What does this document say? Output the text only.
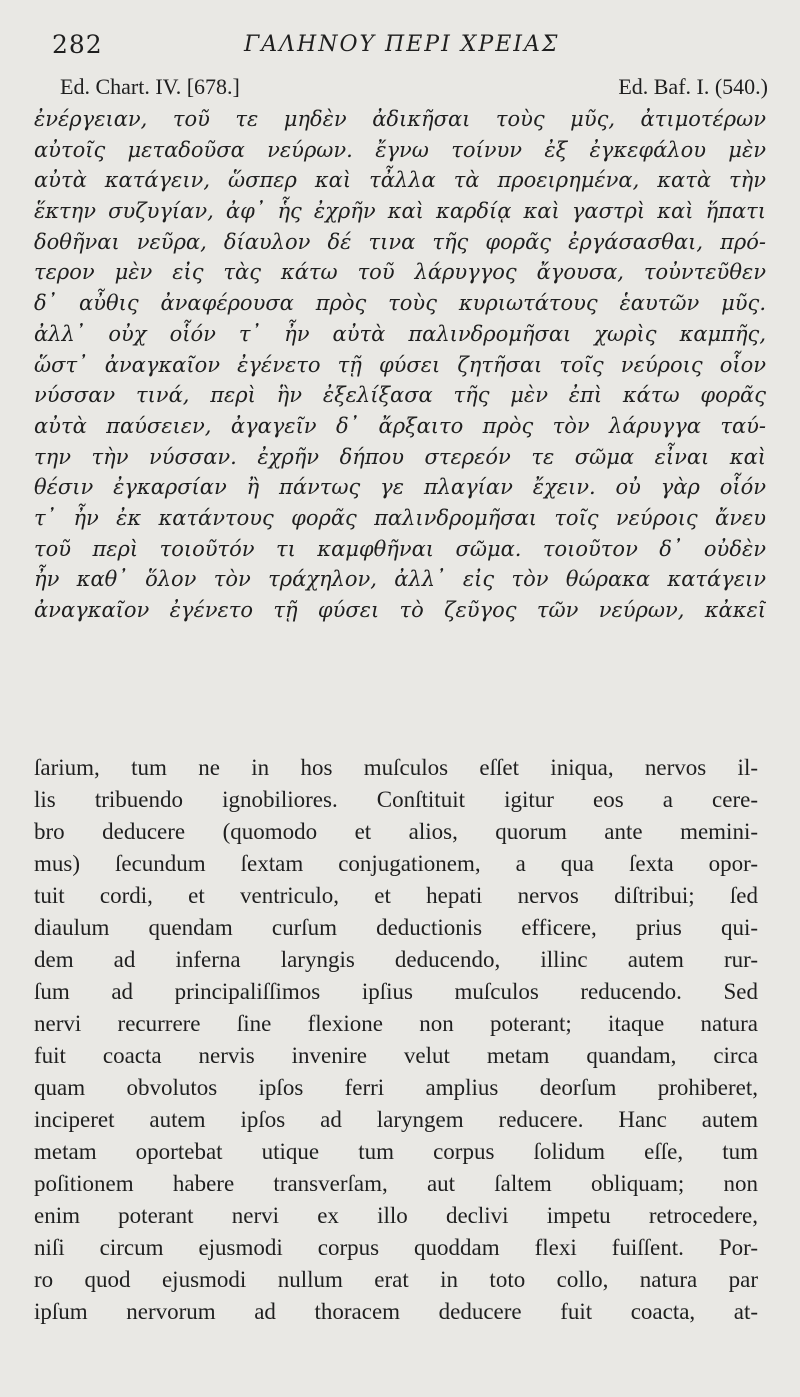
282	ΓΑΛΗΝΟΥ ΠΕΡΙ ΧΡΕΙΑΣ
Ed. Chart. IV. [678.]	Ed. Baf. I. (540.)
ἐνέργειαν, τοῦ τε μηδὲν ἀδικῆσαι τοὺς μῦς, ἀτιμοτέρων
αὐτοῖς μεταδοῦσα νεύρων. ἔγνω τοίνυν ἐξ ἐγκεφάλου μὲν
αὐτὰ κατάγειν, ὥσπερ καὶ τἆλλα τὰ προειρημένα, κατὰ τὴν
ἕκτην συζυγίαν, ἀφ᾽ ἧς ἐχρῆν καὶ καρδίᾳ καὶ γαστρὶ καὶ ἥπατι
δοθῆναι νεῦρα, δίαυλον δέ τινα τῆς φορᾶς ἐργάσασθαι, πρό-
τερον μὲν εἰς τὰς κάτω τοῦ λάρυγγος ἄγουσα, τοὐντεῦθεν
δ᾽ αὖθις ἀναφέρουσα πρὸς τοὺς κυριωτάτους ἑαυτῶν μῦς.
ἀλλ᾽ οὐχ οἷόν τ᾽ ἦν αὐτὰ παλινδρομῆσαι χωρὶς καμπῆς,
ὥστ᾽ ἀναγκαῖον ἐγένετο τῇ φύσει ζητῆσαι τοῖς νεύροις οἷον
νύσσαν τινά, περὶ ἣν ἐξελίξασα τῆς μὲν ἐπὶ κάτω φορᾶς
αὐτὰ παύσειεν, ἀγαγεῖν δ᾽ ἄρξαιτο πρὸς τὸν λάρυγγα ταύ-
την τὴν νύσσαν. ἐχρῆν δήπου στερεόν τε σῶμα εἶναι καὶ
θέσιν ἐγκαρσίαν ἢ πάντως γε πλαγίαν ἔχειν. οὐ γὰρ οἷόν
τ᾽ ἦν ἐκ κατάντους φορᾶς παλινδρομῆσαι τοῖς νεύροις ἄνευ
τοῦ περὶ τοιοῦτόν τι καμφθῆναι σῶμα. τοιοῦτον δ᾽ οὐδὲν
ἦν καθ᾽ ὅλον τὸν τράχηλον, ἀλλ᾽ εἰς τὸν θώρακα κατάγειν
ἀναγκαῖον ἐγένετο τῇ φύσει τὸ ζεῦγος τῶν νεύρων, κἀκεῖ
ſarium, tum ne in hos muſculos eſſet iniqua, nervos il-
lis tribuendo ignobiliores. Conſtituit igitur eos a cere-
bro deducere (quomodo et alios, quorum ante memini-
mus) ſecundum ſextam conjugationem, a qua ſexta opor-
tuit cordi, et ventriculo, et hepati nervos diſtribui; ſed
diaulum quendam curſum deductionis efficere, prius qui-
dem ad inferna laryngis deducendo, illinc autem rur-
ſum ad principaliſſimos ipſius muſculos reducendo. Sed
nervi recurrere ſine flexione non poterant; itaque natura
fuit coacta nervis invenire velut metam quandam, circa
quam obvolutos ipſos ferri amplius deorſum prohiberet,
inciperet autem ipſos ad laryngem reducere. Hanc autem
metam oportebat utique tum corpus ſolidum eſſe, tum
poſitionem habere transverſam, aut ſaltem obliquam; non
enim poterant nervi ex illo declivi impetu retrocedere,
niſi circum ejusmodi corpus quoddam flexi fuiſſent. Por-
ro quod ejusmodi nullum erat in toto collo, natura par
ipſum nervorum ad thoracem deducere fuit coacta, at-
